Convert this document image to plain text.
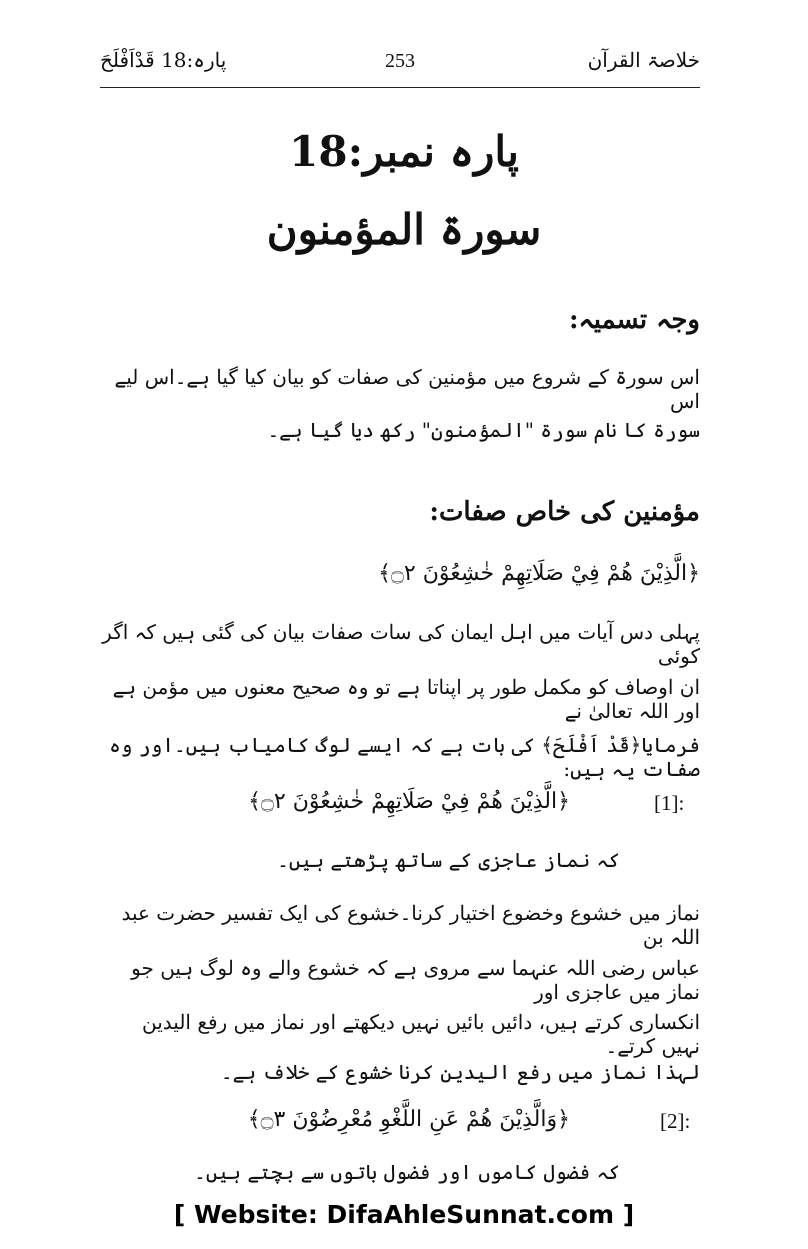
پارہ:18 قَدْاَفْلَحَ	253	خلاصۃ القرآن
پارہ نمبر:18
سورۃ المؤمنون
وجہ تسمیہ:
اس سورۃ کے شروع میں مؤمنین کی صفات کو بیان کیا گیا ہے۔اس لیے اس
سورۃ کا نام سورۃ "المؤمنون" رکھ دیا گیا ہے۔
مؤمنین کی خاص صفات:
﴿الَّذِيْنَ هُمْ فِيْ صَلَاتِهِمْ خٰشِعُوْنَ ۝٢﴾
پہلی دس آیات میں اہل ایمان کی سات صفات بیان کی گئی ہیں کہ اگر کوئی
ان اوصاف کو مکمل طور پر اپناتا ہے تو وہ صحیح معنوں میں مؤمن ہے اور اللہ تعالیٰ نے
فرمایا﴿قَدْ اَفْلَحَ﴾ کی بات ہے کہ ایسے لوگ کامیاب ہیں۔اور وہ صفات یہ ہیں:
﴿الَّذِيْنَ هُمْ فِيْ صَلَاتِهِمْ خٰشِعُوْنَ ۝٢﴾	[1]:
کہ نماز عاجزی کے ساتھ پڑھتے ہیں۔
نماز میں خشوع وخضوع اختیار کرنا۔خشوع کی ایک تفسیر حضرت عبد اللہ بن
عباس رضی اللہ عنہما سے مروی ہے کہ خشوع والے وہ لوگ ہیں جو نماز میں عاجزی اور
انکساری کرتے ہیں، دائیں بائیں نہیں دیکھتے اور نماز میں رفع الیدین نہیں کرتے۔
لہذا نماز میں رفع الیدین کرنا خشوع کے خلاف ہے۔
﴿وَالَّذِيْنَ هُمْ عَنِ اللَّغْوِ مُعْرِضُوْنَ ۝٣﴾	[2]:
کہ فضول کاموں اور فضول باتوں سے بچتے ہیں۔
[ Website: DifaAhleSunnat.com ]
